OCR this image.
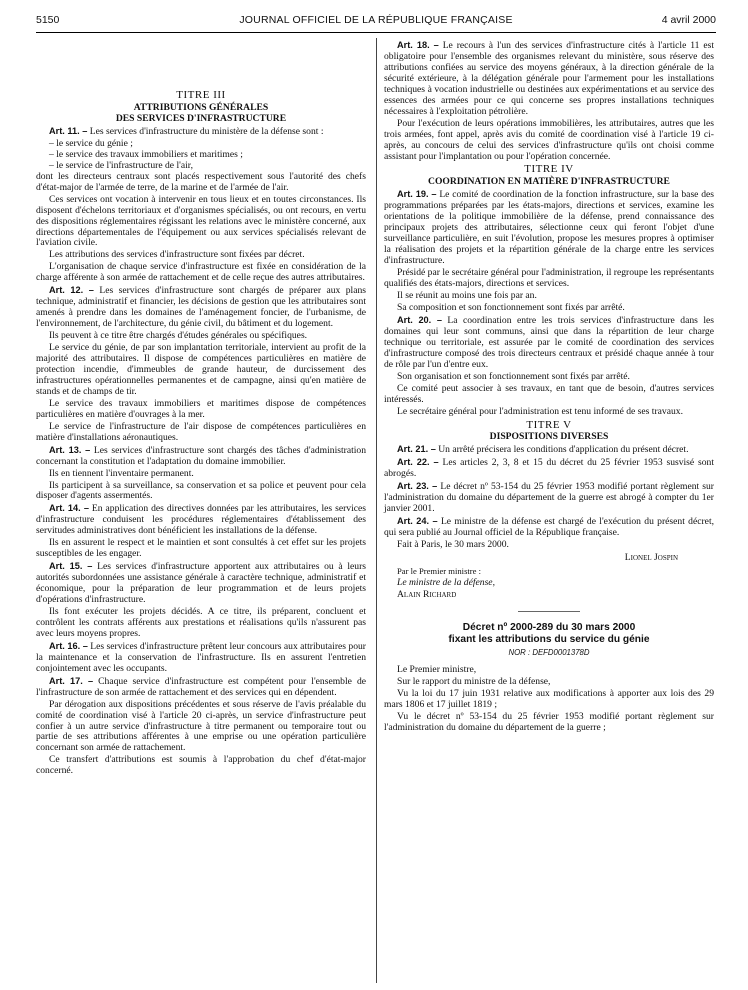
5150	JOURNAL OFFICIEL DE LA RÉPUBLIQUE FRANÇAISE	4 avril 2000
TITRE III
ATTRIBUTIONS GÉNÉRALES
DES SERVICES D'INFRASTRUCTURE

Art. 11. – Les services d'infrastructure du ministère de la défense sont :

– le service du génie ;
– le service des travaux immobiliers et maritimes ;
– le service de l'infrastructure de l'air,

dont les directeurs centraux sont placés respectivement sous l'autorité des chefs d'état-major de l'armée de terre, de la marine et de l'armée de l'air.

Ces services ont vocation à intervenir en tous lieux et en toutes circonstances. Ils disposent d'échelons territoriaux et d'organismes spécialisés, ou ont recours, en vertu des dispositions réglementaires régissant les relations avec le ministère concerné, aux directions départementales de l'équipement ou aux services spécialisés relevant de l'aviation civile.

Les attributions des services d'infrastructure sont fixées par décret.

L'organisation de chaque service d'infrastructure est fixée en considération de la charge afférente à son armée de rattachement et de celle reçue des autres attributaires.

Art. 12. – Les services d'infrastructure sont chargés de préparer aux plans technique, administratif et financier, les décisions de gestion que les attributaires sont amenés à prendre dans les domaines de l'aménagement foncier, de l'urbanisme, de l'environnement, de l'architecture, du génie civil, du bâtiment et du logement.

Ils peuvent à ce titre être chargés d'études générales ou spécifiques.

Le service du génie, de par son implantation territoriale, intervient au profit de la majorité des attributaires. Il dispose de compétences particulières en matière de protection incendie, d'immeubles de grande hauteur, de durcissement des infrastructures opérationnelles permanentes et de campagne, ainsi qu'en matière de stands et de champs de tir.

Le service des travaux immobiliers et maritimes dispose de compétences particulières en matière d'ouvrages à la mer.

Le service de l'infrastructure de l'air dispose de compétences particulières en matière d'installations aéronautiques.

Art. 13. – Les services d'infrastructure sont chargés des tâches d'administration concernant la constitution et l'adaptation du domaine immobilier.

Ils en tiennent l'inventaire permanent.

Ils participent à sa surveillance, sa conservation et sa police et peuvent pour cela disposer d'agents assermentés.

Art. 14. – En application des directives données par les attributaires, les services d'infrastructure conduisent les procédures réglementaires d'établissement des servitudes administratives dont bénéficient les installations de la défense.

Ils en assurent le respect et le maintien et sont consultés à cet effet sur les projets susceptibles de les engager.

Art. 15. – Les services d'infrastructure apportent aux attributaires ou à leurs autorités subordonnées une assistance générale à caractère technique, administratif et économique, pour la préparation de leur programmation et de leurs projets d'opérations d'infrastructure.

Ils font exécuter les projets décidés. A ce titre, ils préparent, concluent et contrôlent les contrats afférents aux prestations et réalisations qu'ils n'assurent pas avec leurs moyens propres.

Art. 16. – Les services d'infrastructure prêtent leur concours aux attributaires pour la maintenance et la conservation de l'infrastructure. Ils en assurent l'entretien conjointement avec les occupants.

Art. 17. – Chaque service d'infrastructure est compétent pour l'ensemble de l'infrastructure de son armée de rattachement et des services qui en dépendent.

Par dérogation aux dispositions précédentes et sous réserve de l'avis préalable du comité de coordination visé à l'article 20 ci-après, un service d'infrastructure peut confier à un autre service d'infrastructure à titre permanent ou temporaire tout ou partie de ses attributions afférentes à une emprise ou une opération particulière concernant son armée de rattachement.

Ce transfert d'attributions est soumis à l'approbation du chef d'état-major concerné.

Art. 18. – Le recours à l'un des services d'infrastructure cités à l'article 11 est obligatoire pour l'ensemble des organismes relevant du ministère, sous réserve des attributions confiées au service des moyens généraux, à la direction générale de la sécurité extérieure, à la délégation générale pour l'armement pour les installations techniques à vocation industrielle ou destinées aux expérimentations et au service des essences des armées pour ce qui concerne ses propres installations techniques nécessaires à l'exploitation pétrolière.

Pour l'exécution de leurs opérations immobilières, les attributaires, autres que les trois armées, font appel, après avis du comité de coordination visé à l'article 19 ci-après, au concours de celui des services d'infrastructure qu'ils ont choisi comme assistant pour l'implantation ou pour l'opération concernée.

TITRE IV
COORDINATION EN MATIÈRE D'INFRASTRUCTURE

Art. 19. – Le comité de coordination de la fonction infrastructure, sur la base des programmations préparées par les états-majors, directions et services, examine les orientations de la politique immobilière de la défense, prend connaissance des principaux projets des attributaires, sélectionne ceux qui feront l'objet d'une surveillance particulière, en suit l'évolution, propose les mesures propres à optimiser la réalisation des projets et la répartition générale de la charge entre les services d'infrastructure.

Présidé par le secrétaire général pour l'administration, il regroupe les représentants qualifiés des états-majors, directions et services.

Il se réunit au moins une fois par an.

Sa composition et son fonctionnement sont fixés par arrêté.

Art. 20. – La coordination entre les trois services d'infrastructure dans les domaines qui leur sont communs, ainsi que dans la répartition de leur charge technique ou territoriale, est assurée par le comité de coordination des services d'infrastructure composé des trois directeurs centraux et présidé chaque année à tour de rôle par l'un d'entre eux.

Son organisation et son fonctionnement sont fixés par arrêté.

Ce comité peut associer à ses travaux, en tant que de besoin, d'autres services intéressés.

Le secrétaire général pour l'administration est tenu informé de ses travaux.

TITRE V
DISPOSITIONS DIVERSES

Art. 21. – Un arrêté précisera les conditions d'application du présent décret.

Art. 22. – Les articles 2, 3, 8 et 15 du décret du 25 février 1953 susvisé sont abrogés.

Art. 23. – Le décret nº 53-154 du 25 février 1953 modifié portant règlement sur l'administration du domaine du département de la guerre est abrogé à compter du 1er janvier 2001.

Art. 24. – Le ministre de la défense est chargé de l'exécution du présent décret, qui sera publié au Journal officiel de la République française.

Fait à Paris, le 30 mars 2000.

Lionel Jospin

Par le Premier ministre :

Le ministre de la défense,

Alain Richard

Décret nº 2000-289 du 30 mars 2000
fixant les attributions du service du génie
NOR : DEFD0001378D

Le Premier ministre,

Sur le rapport du ministre de la défense,

Vu la loi du 17 juin 1931 relative aux modifications à apporter aux lois des 29 mars 1806 et 17 juillet 1819 ;

Vu le décret nº 53-154 du 25 février 1953 modifié portant règlement sur l'administration du domaine du département de la guerre ;
